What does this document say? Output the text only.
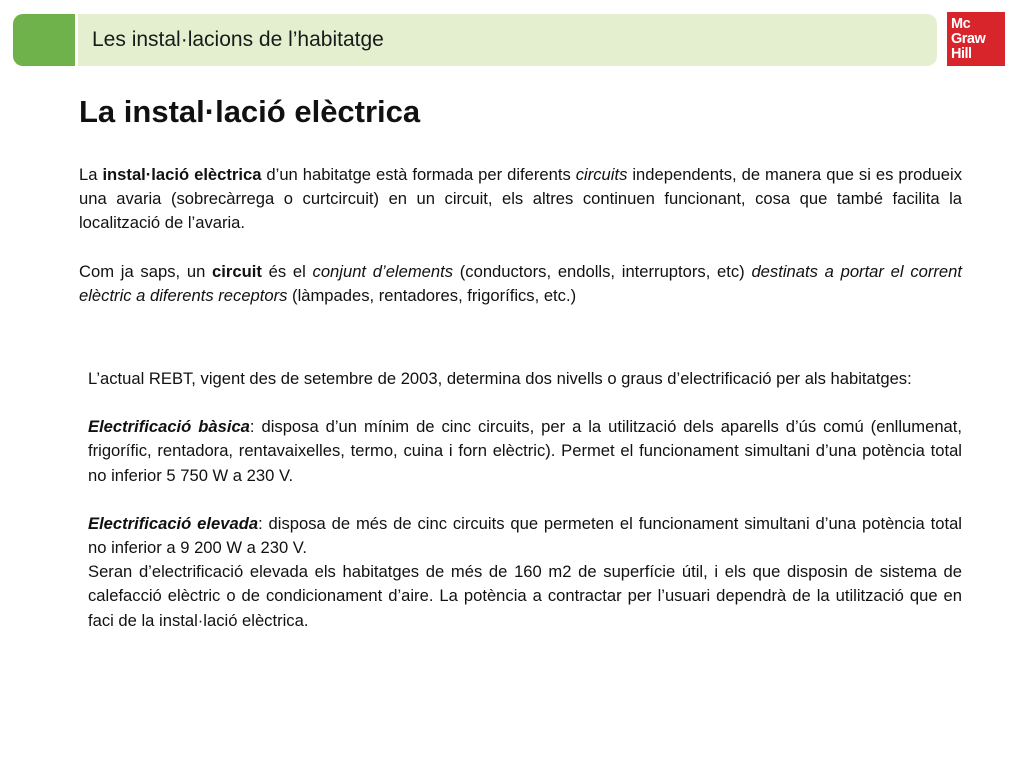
Les instal·lacions de l’habitatge
Mc
Graw
Hill
La instal·lació elèctrica

La instal·lació elèctrica d’un habitatge està formada per diferents circuits independents, de manera que si es produeix una avaria (sobrecàrrega o curtcircuit) en un circuit, els altres continuen funcionant, cosa que també facilita la localització de l’avaria.

Com ja saps, un circuit és el conjunt d’elements (conductors, endolls, interruptors, etc) destinats a portar el corrent elèctric a diferents receptors (làmpades, rentadores, frigorífics, etc.)

L’actual REBT, vigent des de setembre de 2003, determina dos nivells o graus d’electrificació per als habitatges:

Electrificació bàsica: disposa d’un mínim de cinc circuits, per a la utilització dels aparells d’ús comú (enllumenat, frigorífic, rentadora, rentavaixelles, termo, cuina i forn elèctric). Permet el funcionament simultani d’una potència total no inferior 5 750 W a 230 V.

Electrificació elevada: disposa de més de cinc circuits que permeten el funcionament simultani d’una potència total no inferior a 9 200 W a 230 V.

Seran d’electrificació elevada els habitatges de més de 160 m2 de superfície útil, i els que disposin de sistema de calefacció elèctric o de condicionament d’aire. La potència a contractar per l’usuari dependrà de la utilització que en faci de la instal·lació elèctrica.
